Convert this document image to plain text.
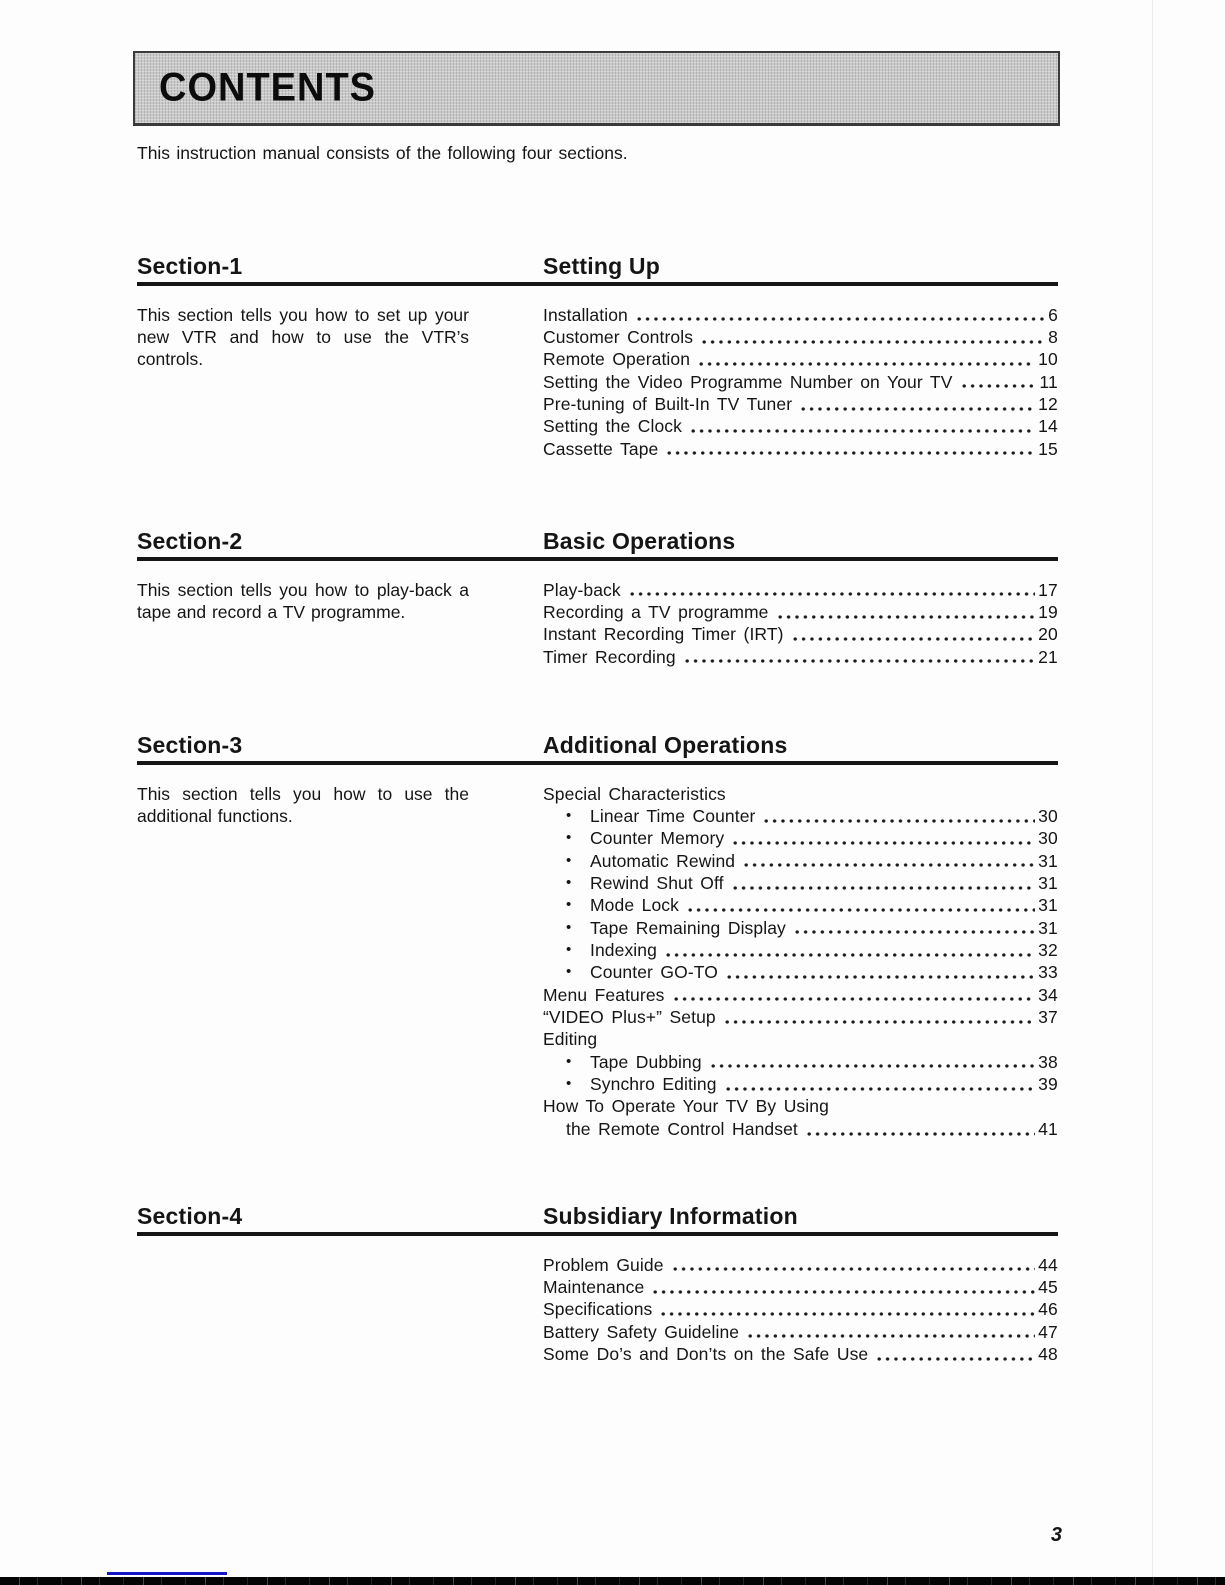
CONTENTS

This instruction manual consists of the following four sections.

Section-1	Setting Up

This section tells you how to set up your new VTR and how to use the VTR’s controls.

Installation	6
Customer Controls	8
Remote Operation	10
Setting the Video Programme Number on Your TV	11
Pre-tuning of Built-In TV Tuner	12
Setting the Clock	14
Cassette Tape	15
Section-2	Basic Operations

This section tells you how to play-back a tape and record a TV programme.

Play-back	17
Recording a TV programme	19
Instant Recording Timer (IRT)	20
Timer Recording	21
Section-3	Additional Operations

This section tells you how to use the additional functions.

Special Characteristics
•	Linear Time Counter	30
•	Counter Memory	30
•	Automatic Rewind	31
•	Rewind Shut Off	31
•	Mode Lock	31
•	Tape Remaining Display	31
•	Indexing	32
•	Counter GO-TO	33
Menu Features	34
“VIDEO Plus+” Setup	37
Editing
•	Tape Dubbing	38
•	Synchro Editing	39
How To Operate Your TV By Using
the Remote Control Handset	41
Section-4	Subsidiary Information

Problem Guide	44
Maintenance	45
Specifications	46
Battery Safety Guideline	47
Some Do’s and Don’ts on the Safe Use	48
3
